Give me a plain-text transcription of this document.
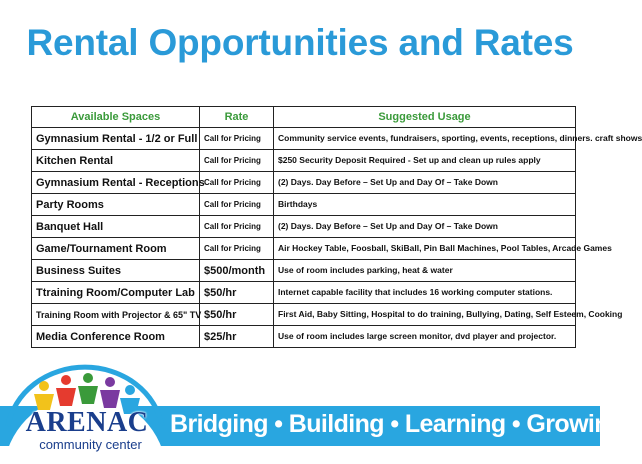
Rental Opportunities and Rates
Available Spaces	Rate	Suggested Usage
Gymnasium Rental - 1/2 or Full	Call for Pricing	Community service events, fundraisers, sporting, events, receptions, dinners. craft shows
Kitchen Rental	Call for Pricing	$250 Security Deposit Required - Set up and clean up rules apply
Gymnasium Rental - Receptions	Call for Pricing	(2) Days. Day Before – Set Up and Day Of – Take Down
Party Rooms	Call for Pricing	Birthdays
Banquet Hall	Call for Pricing	(2) Days. Day Before – Set Up and Day Of – Take Down
Game/Tournament Room	Call for Pricing	Air Hockey Table, Foosball, SkiBall, Pin Ball Machines, Pool Tables, Arcade Games
Business Suites	$500/month	Use of room includes parking, heat & water
Ttraining Room/Computer Lab	$50/hr	Internet capable facility that includes 16 working computer stations.
Training Room with Projector & 65" TV	$50/hr	First Aid, Baby Sitting, Hospital to do training, Bullying, Dating, Self Esteem, Cooking
Media Conference Room	$25/hr	Use of room includes large screen monitor, dvd player and projector.
Bridging • Building • Learning • Growing
ARENAC
community center
